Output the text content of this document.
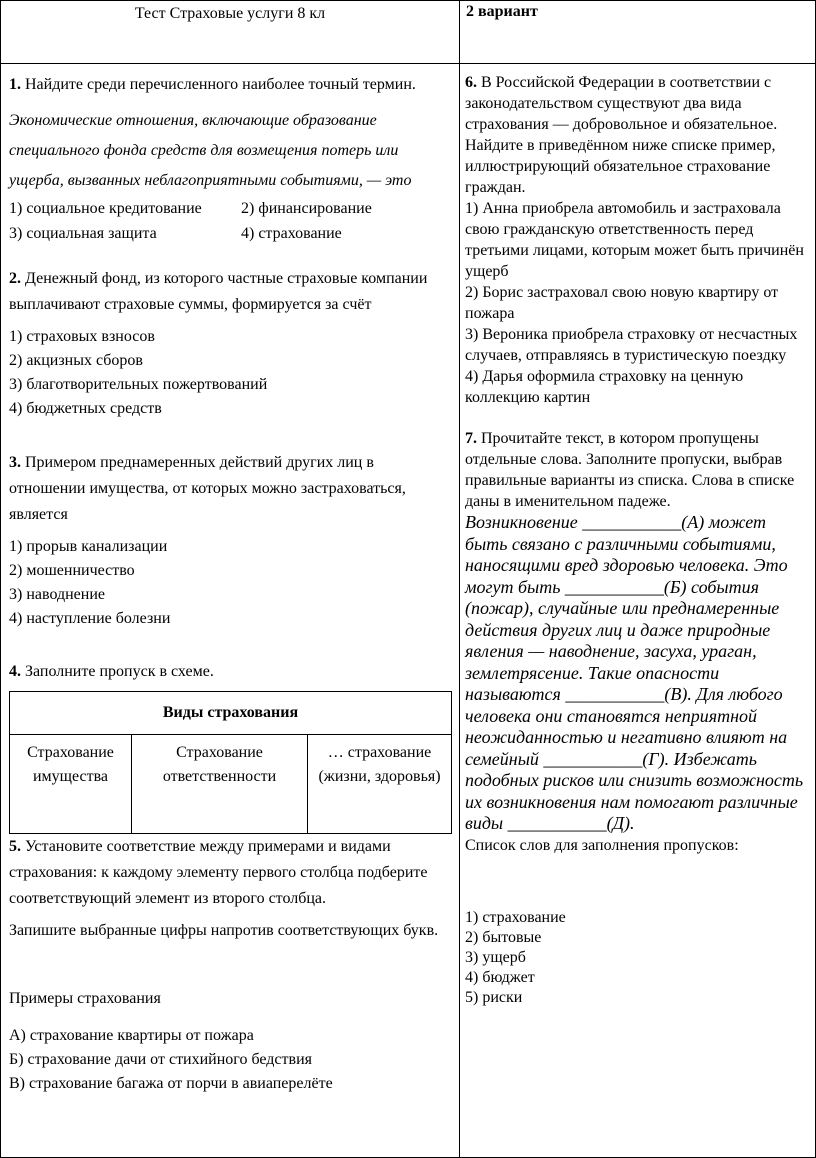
Тест Страховые услуги 8 кл	2 вариант

1. Найдите среди перечисленного наиболее точный термин.

Экономические отношения, включающие образование специального фонда средств для возмещения потерь или ущерба, вызванных неблагоприятными событиями, — это

1) социальное кредитование	2) финансирование
3) социальная защита	4) страхование

2. Денежный фонд, из которого частные страховые компании выплачивают страховые суммы, формируется за счёт

1) страховых взносов

2) акцизных сборов

3) благотворительных пожертвований

4) бюджетных средств

3. Примером преднамеренных действий других лиц в отношении имущества, от которых можно застраховаться, является

1) прорыв канализации

2) мошенничество

3) наводнение

4) наступление болезни

4. Заполните пропуск в схеме.

Виды страхования
Страхование имущества	Страхование ответственности	… страхование (жизни, здоровья)

5. Установите соответствие между примерами и видами страхования: к каждому элементу первого столбца подберите соответствующий элемент из второго столбца.

Запишите выбранные цифры напротив соответствующих букв.

Примеры страхования

А) страхование квартиры от пожара

Б) страхование дачи от стихийного бедствия

В) страхование багажа от порчи в авиаперелёте

6. В Российской Федерации в соответствии с законодательством существуют два вида страхования — добровольное и обязательное. Найдите в приведённом ниже списке пример, иллюстрирующий обязательное страхование граждан.

1) Анна приобрела автомобиль и застраховала свою гражданскую ответственность перед третьими лицами, которым может быть причинён ущерб

2) Борис застраховал свою новую квартиру от пожара

3) Вероника приобрела страховку от несчастных случаев, отправляясь в туристическую поездку

4) Дарья оформила страховку на ценную коллекцию картин

7. Прочитайте текст, в котором пропущены отдельные слова. Заполните пропуски, выбрав правильные варианты из списка. Слова в списке даны в именительном падеже.

Возникновение ___________(А) может быть связано с различными событиями, наносящими вред здоровью человека. Это могут быть ___________(Б) события (пожар), случайные или преднамеренные действия других лиц и даже природные явления — наводнение, засуха, ураган, землетрясение. Такие опасности называются ___________(В). Для любого человека они становятся неприятной неожиданностью и негативно влияют на семейный ___________(Г). Избежать подобных рисков или снизить возможность их возникновения нам помогают различные виды ___________(Д).

Список слов для заполнения пропусков:

1) страхование

2) бытовые

3) ущерб

4) бюджет

5) риски
